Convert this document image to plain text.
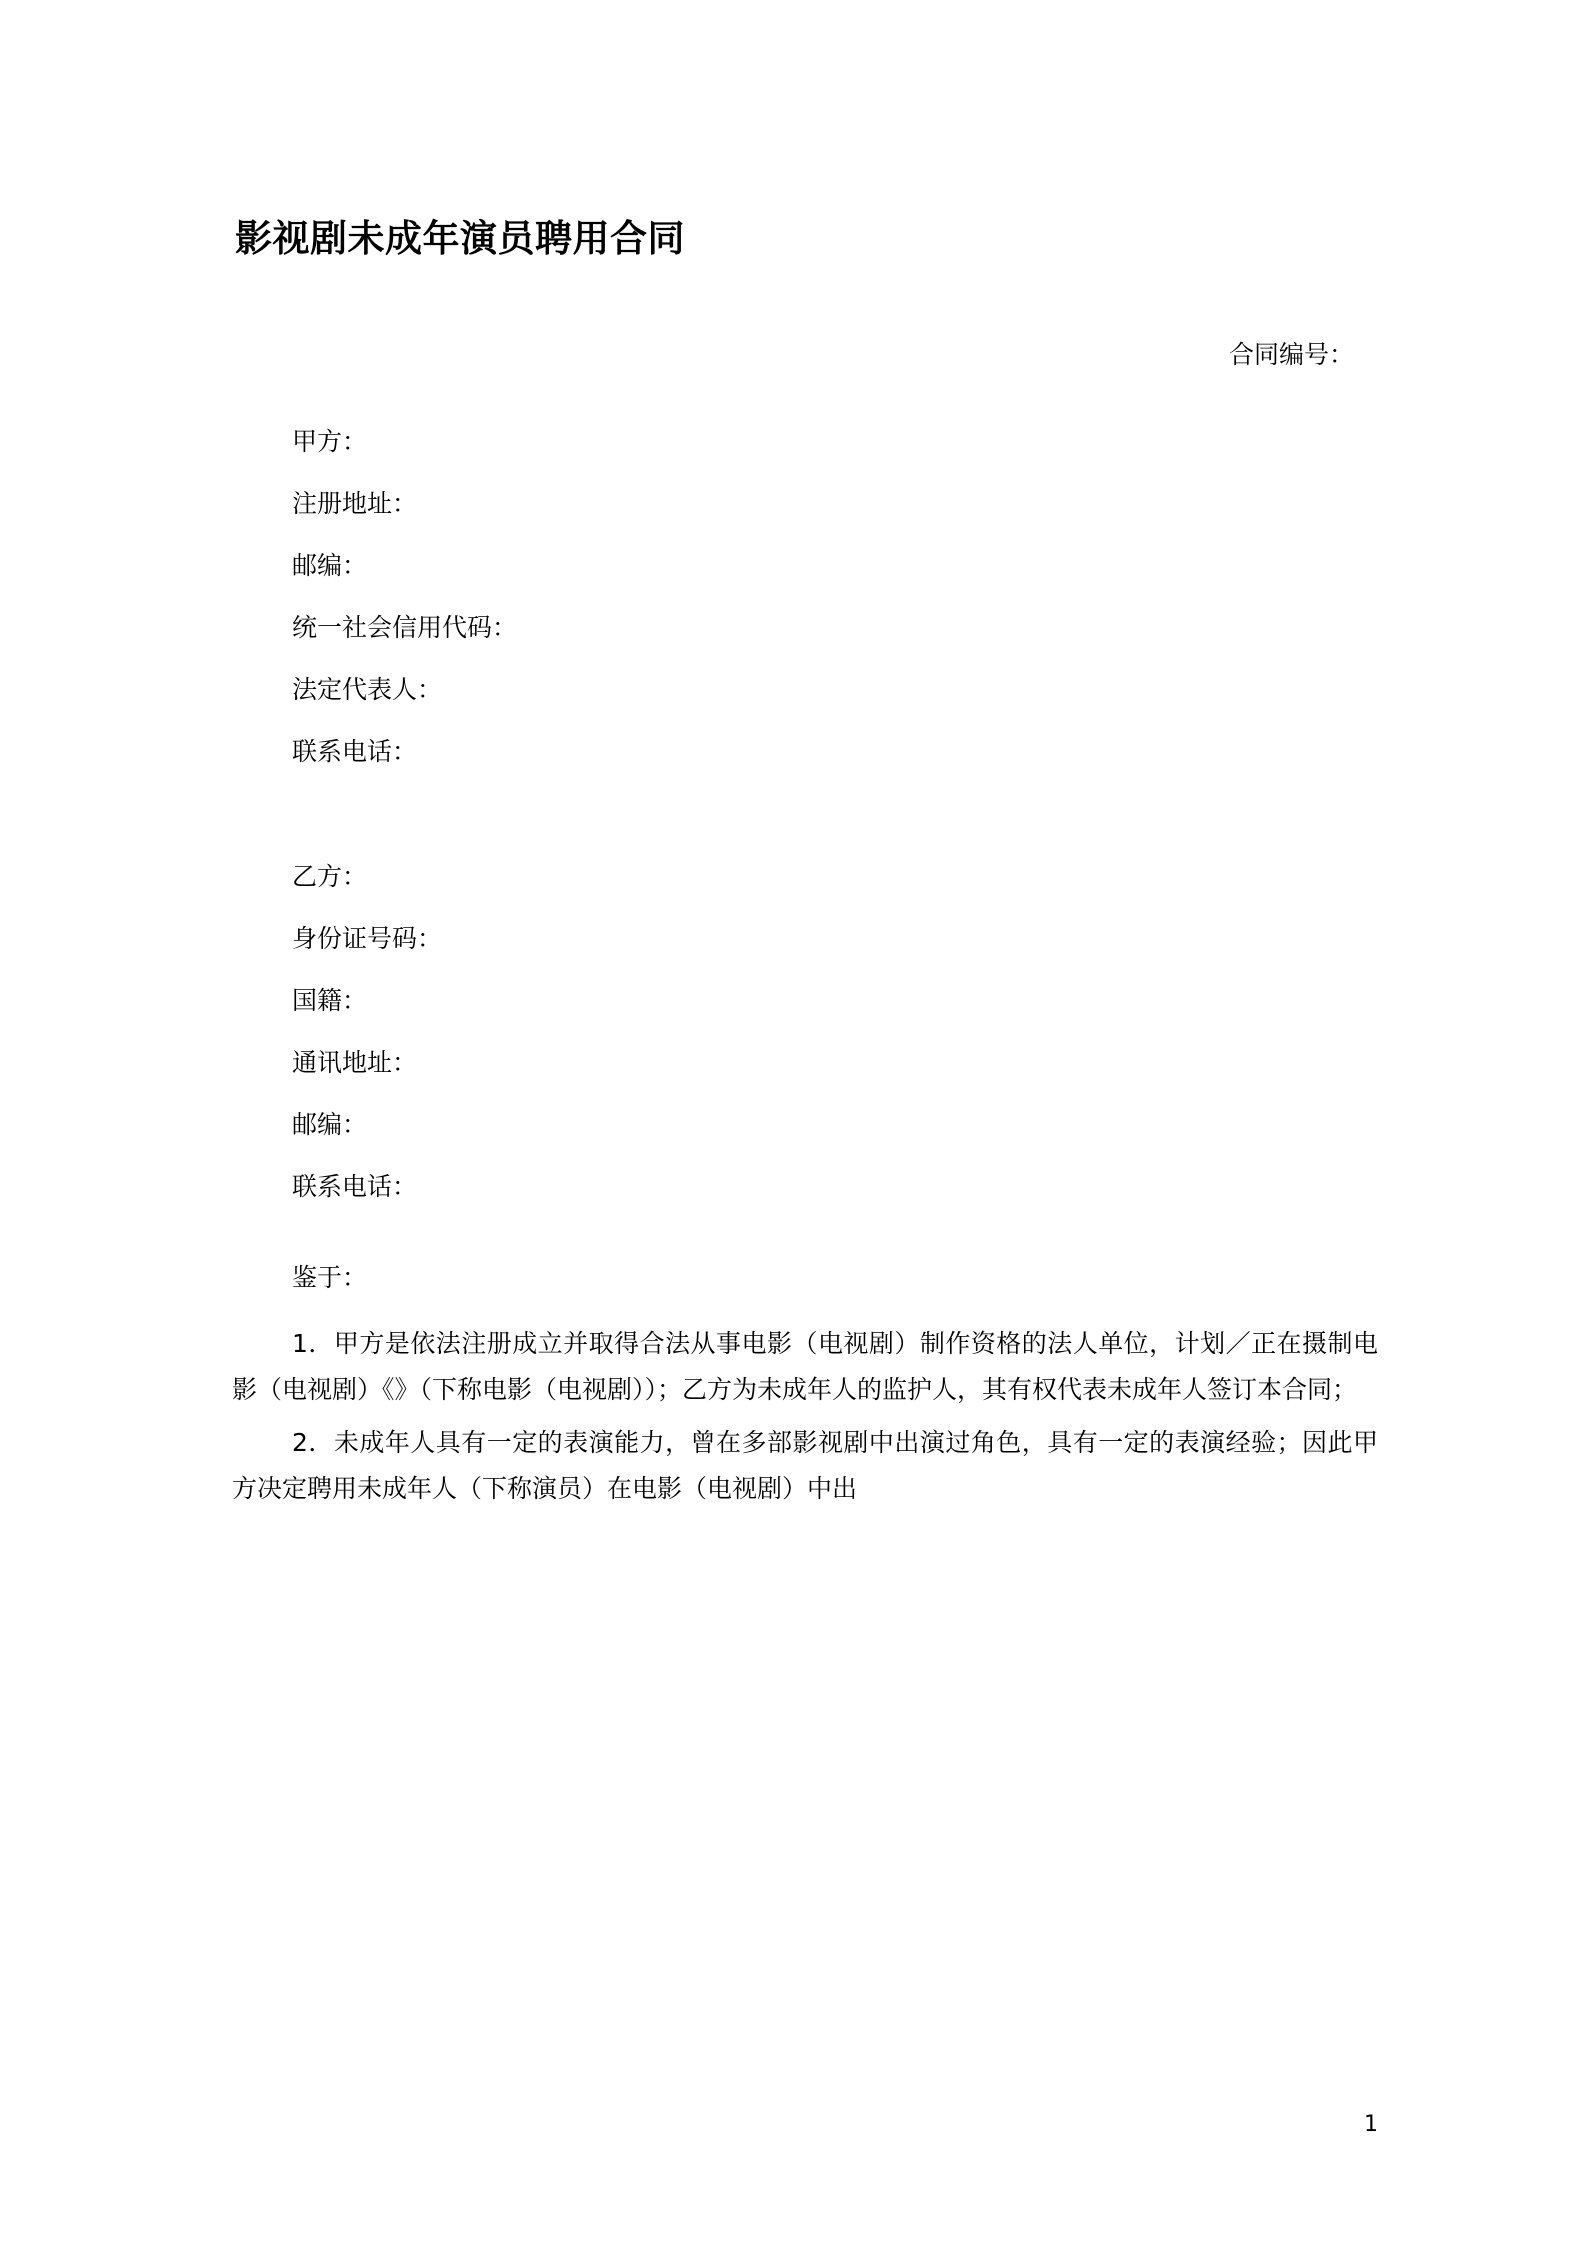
影视剧未成年演员聘用合同
合同编号：

甲方：

注册地址：

邮编：

统一社会信用代码：

法定代表人：

联系电话：

乙方：

身份证号码：

国籍：

通讯地址：

邮编：

联系电话：

鉴于：

1．甲方是依法注册成立并取得合法从事电影（电视剧）制作资格的法人单位，计划／正在摄制电影（电视剧）《》（下称电影（电视剧））；乙方为未成年人的监护人，其有权代表未成年人签订本合同；

2．未成年人具有一定的表演能力，曾在多部影视剧中出演过角色，具有一定的表演经验；因此甲方决定聘用未成年人（下称演员）在电影（电视剧）中出

1
